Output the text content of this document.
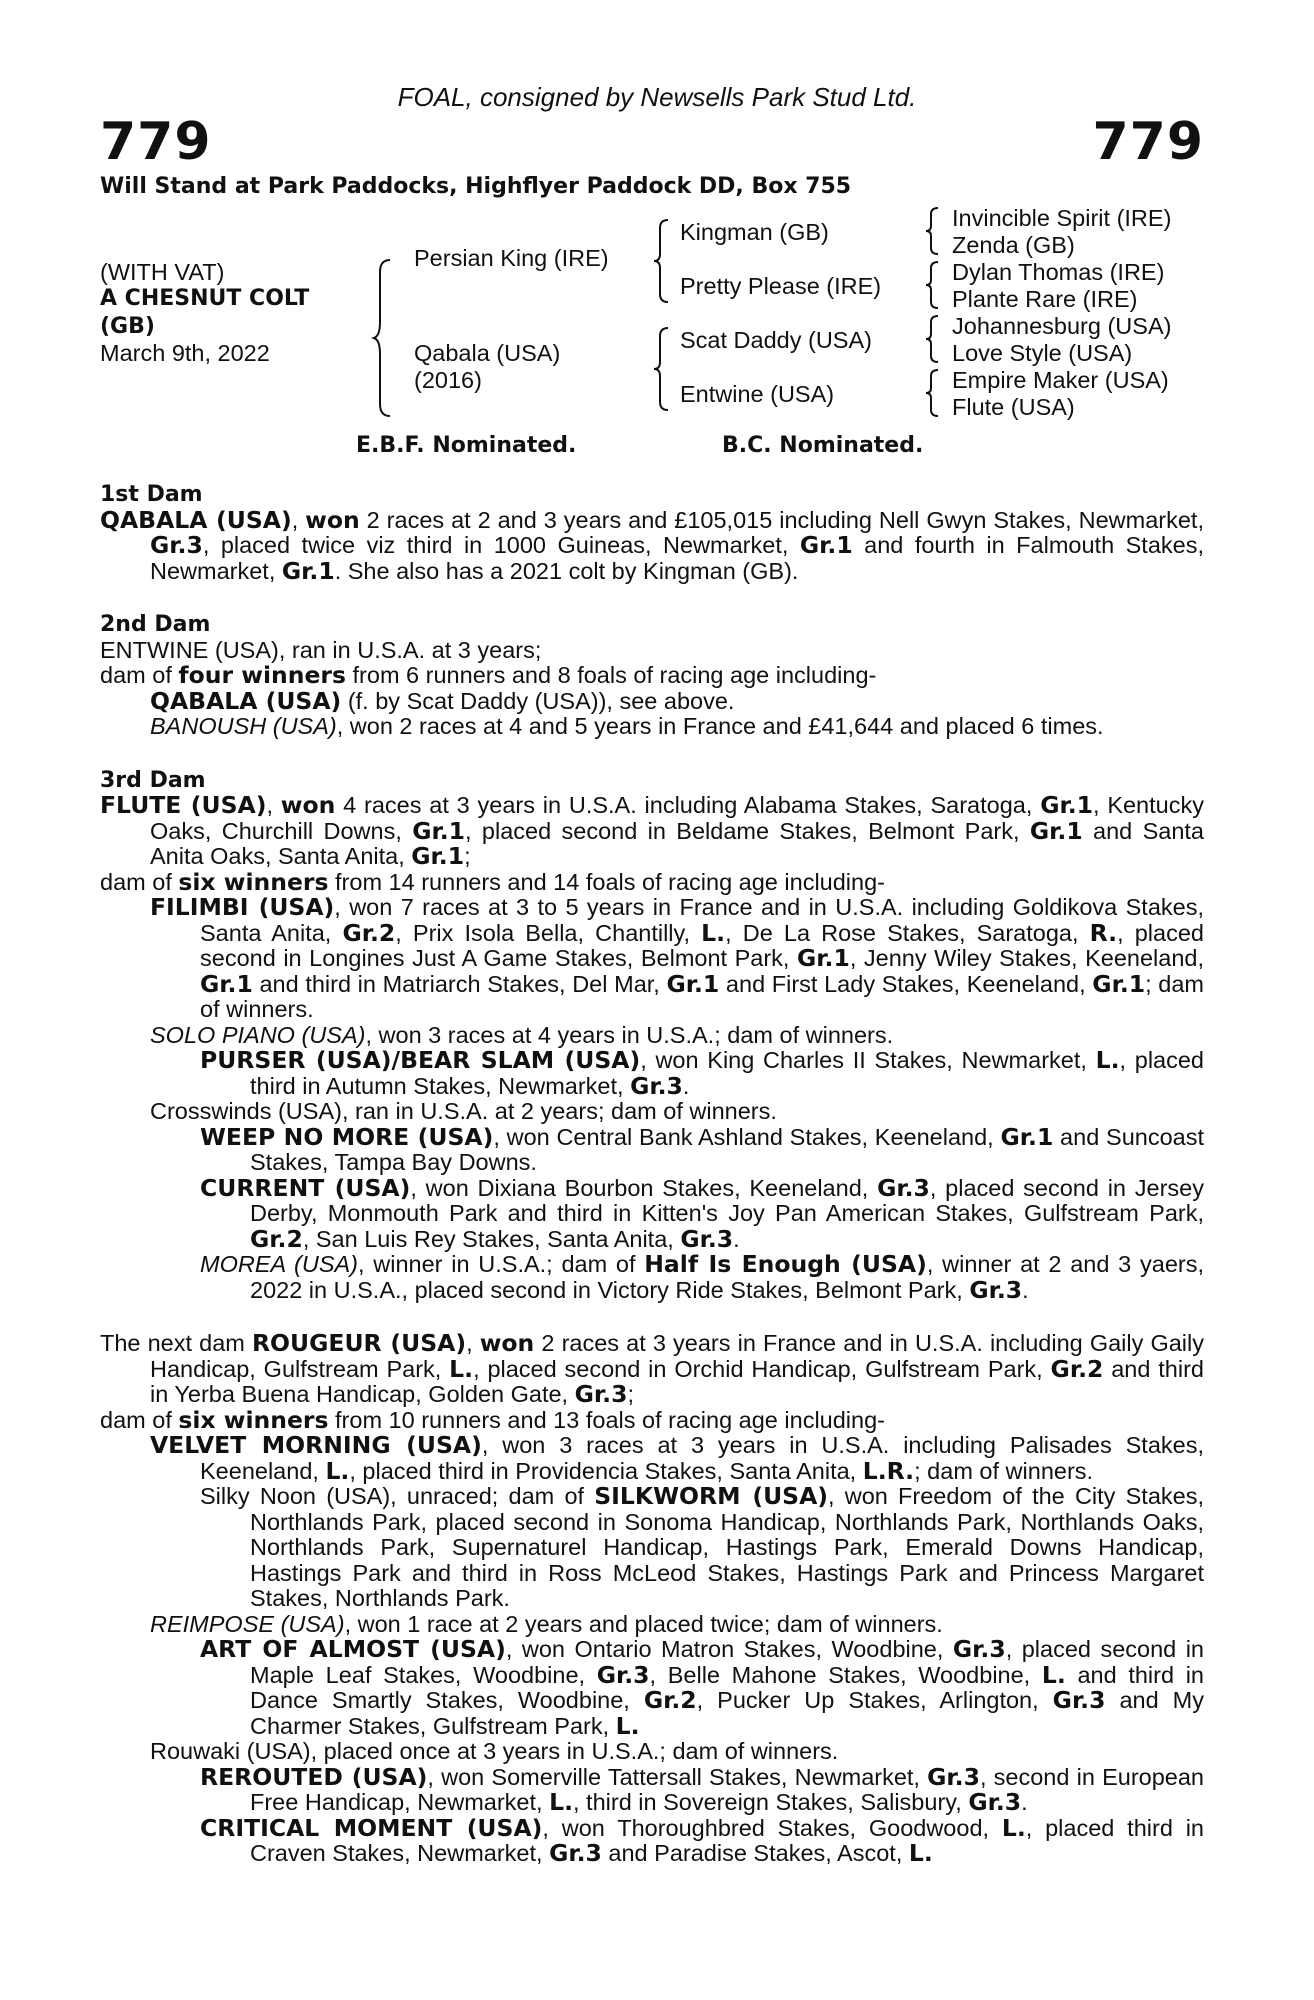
FOAL, consigned by Newsells Park Stud Ltd.
779	779
Will Stand at Park Paddocks, Highflyer Paddock DD, Box 755
(WITH VAT)
A CHESNUT COLT
(GB)
March 9th, 2022
Persian King (IRE)
Qabala (USA)
(2016)
Kingman (GB)
Pretty Please (IRE)
Scat Daddy (USA)
Entwine (USA)
Invincible Spirit (IRE)
Zenda (GB)
Dylan Thomas (IRE)
Plante Rare (IRE)
Johannesburg (USA)
Love Style (USA)
Empire Maker (USA)
Flute (USA)
E.B.F. Nominated.	B.C. Nominated.
1st Dam

QABALA (USA), won 2 races at 2 and 3 years and £105,015 including Nell Gwyn Stakes, Newmarket, Gr.3, placed twice viz third in 1000 Guineas, Newmarket, Gr.1 and fourth in Falmouth Stakes, Newmarket, Gr.1. She also has a 2021 colt by Kingman (GB).

2nd Dam

ENTWINE (USA), ran in U.S.A. at 3 years;

dam of four winners from 6 runners and 8 foals of racing age including-

QABALA (USA) (f. by Scat Daddy (USA)), see above.

BANOUSH (USA), won 2 races at 4 and 5 years in France and £41,644 and placed 6 times.

3rd Dam

FLUTE (USA), won 4 races at 3 years in U.S.A. including Alabama Stakes, Saratoga, Gr.1, Kentucky Oaks, Churchill Downs, Gr.1, placed second in Beldame Stakes, Belmont Park, Gr.1 and Santa Anita Oaks, Santa Anita, Gr.1;

dam of six winners from 14 runners and 14 foals of racing age including-

FILIMBI (USA), won 7 races at 3 to 5 years in France and in U.S.A. including Goldikova Stakes, Santa Anita, Gr.2, Prix Isola Bella, Chantilly, L., De La Rose Stakes, Saratoga, R., placed second in Longines Just A Game Stakes, Belmont Park, Gr.1, Jenny Wiley Stakes, Keeneland, Gr.1 and third in Matriarch Stakes, Del Mar, Gr.1 and First Lady Stakes, Keeneland, Gr.1; dam of winners.

SOLO PIANO (USA), won 3 races at 4 years in U.S.A.; dam of winners.

PURSER (USA)/BEAR SLAM (USA), won King Charles II Stakes, Newmarket, L., placed third in Autumn Stakes, Newmarket, Gr.3.

Crosswinds (USA), ran in U.S.A. at 2 years; dam of winners.

WEEP NO MORE (USA), won Central Bank Ashland Stakes, Keeneland, Gr.1 and Suncoast Stakes, Tampa Bay Downs.

CURRENT (USA), won Dixiana Bourbon Stakes, Keeneland, Gr.3, placed second in Jersey Derby, Monmouth Park and third in Kitten's Joy Pan American Stakes, Gulfstream Park, Gr.2, San Luis Rey Stakes, Santa Anita, Gr.3.

MOREA (USA), winner in U.S.A.; dam of Half Is Enough (USA), winner at 2 and 3 yaers, 2022 in U.S.A., placed second in Victory Ride Stakes, Belmont Park, Gr.3.

The next dam ROUGEUR (USA), won 2 races at 3 years in France and in U.S.A. including Gaily Gaily Handicap, Gulfstream Park, L., placed second in Orchid Handicap, Gulfstream Park, Gr.2 and third in Yerba Buena Handicap, Golden Gate, Gr.3;

dam of six winners from 10 runners and 13 foals of racing age including-

VELVET MORNING (USA), won 3 races at 3 years in U.S.A. including Palisades Stakes, Keeneland, L., placed third in Providencia Stakes, Santa Anita, L.R.; dam of winners.

Silky Noon (USA), unraced; dam of SILKWORM (USA), won Freedom of the City Stakes, Northlands Park, placed second in Sonoma Handicap, Northlands Park, Northlands Oaks, Northlands Park, Supernaturel Handicap, Hastings Park, Emerald Downs Handicap, Hastings Park and third in Ross McLeod Stakes, Hastings Park and Princess Margaret Stakes, Northlands Park.

REIMPOSE (USA), won 1 race at 2 years and placed twice; dam of winners.

ART OF ALMOST (USA), won Ontario Matron Stakes, Woodbine, Gr.3, placed second in Maple Leaf Stakes, Woodbine, Gr.3, Belle Mahone Stakes, Woodbine, L. and third in Dance Smartly Stakes, Woodbine, Gr.2, Pucker Up Stakes, Arlington, Gr.3 and My Charmer Stakes, Gulfstream Park, L.

Rouwaki (USA), placed once at 3 years in U.S.A.; dam of winners.

REROUTED (USA), won Somerville Tattersall Stakes, Newmarket, Gr.3, second in European Free Handicap, Newmarket, L., third in Sovereign Stakes, Salisbury, Gr.3.

CRITICAL MOMENT (USA), won Thoroughbred Stakes, Goodwood, L., placed third in Craven Stakes, Newmarket, Gr.3 and Paradise Stakes, Ascot, L.
